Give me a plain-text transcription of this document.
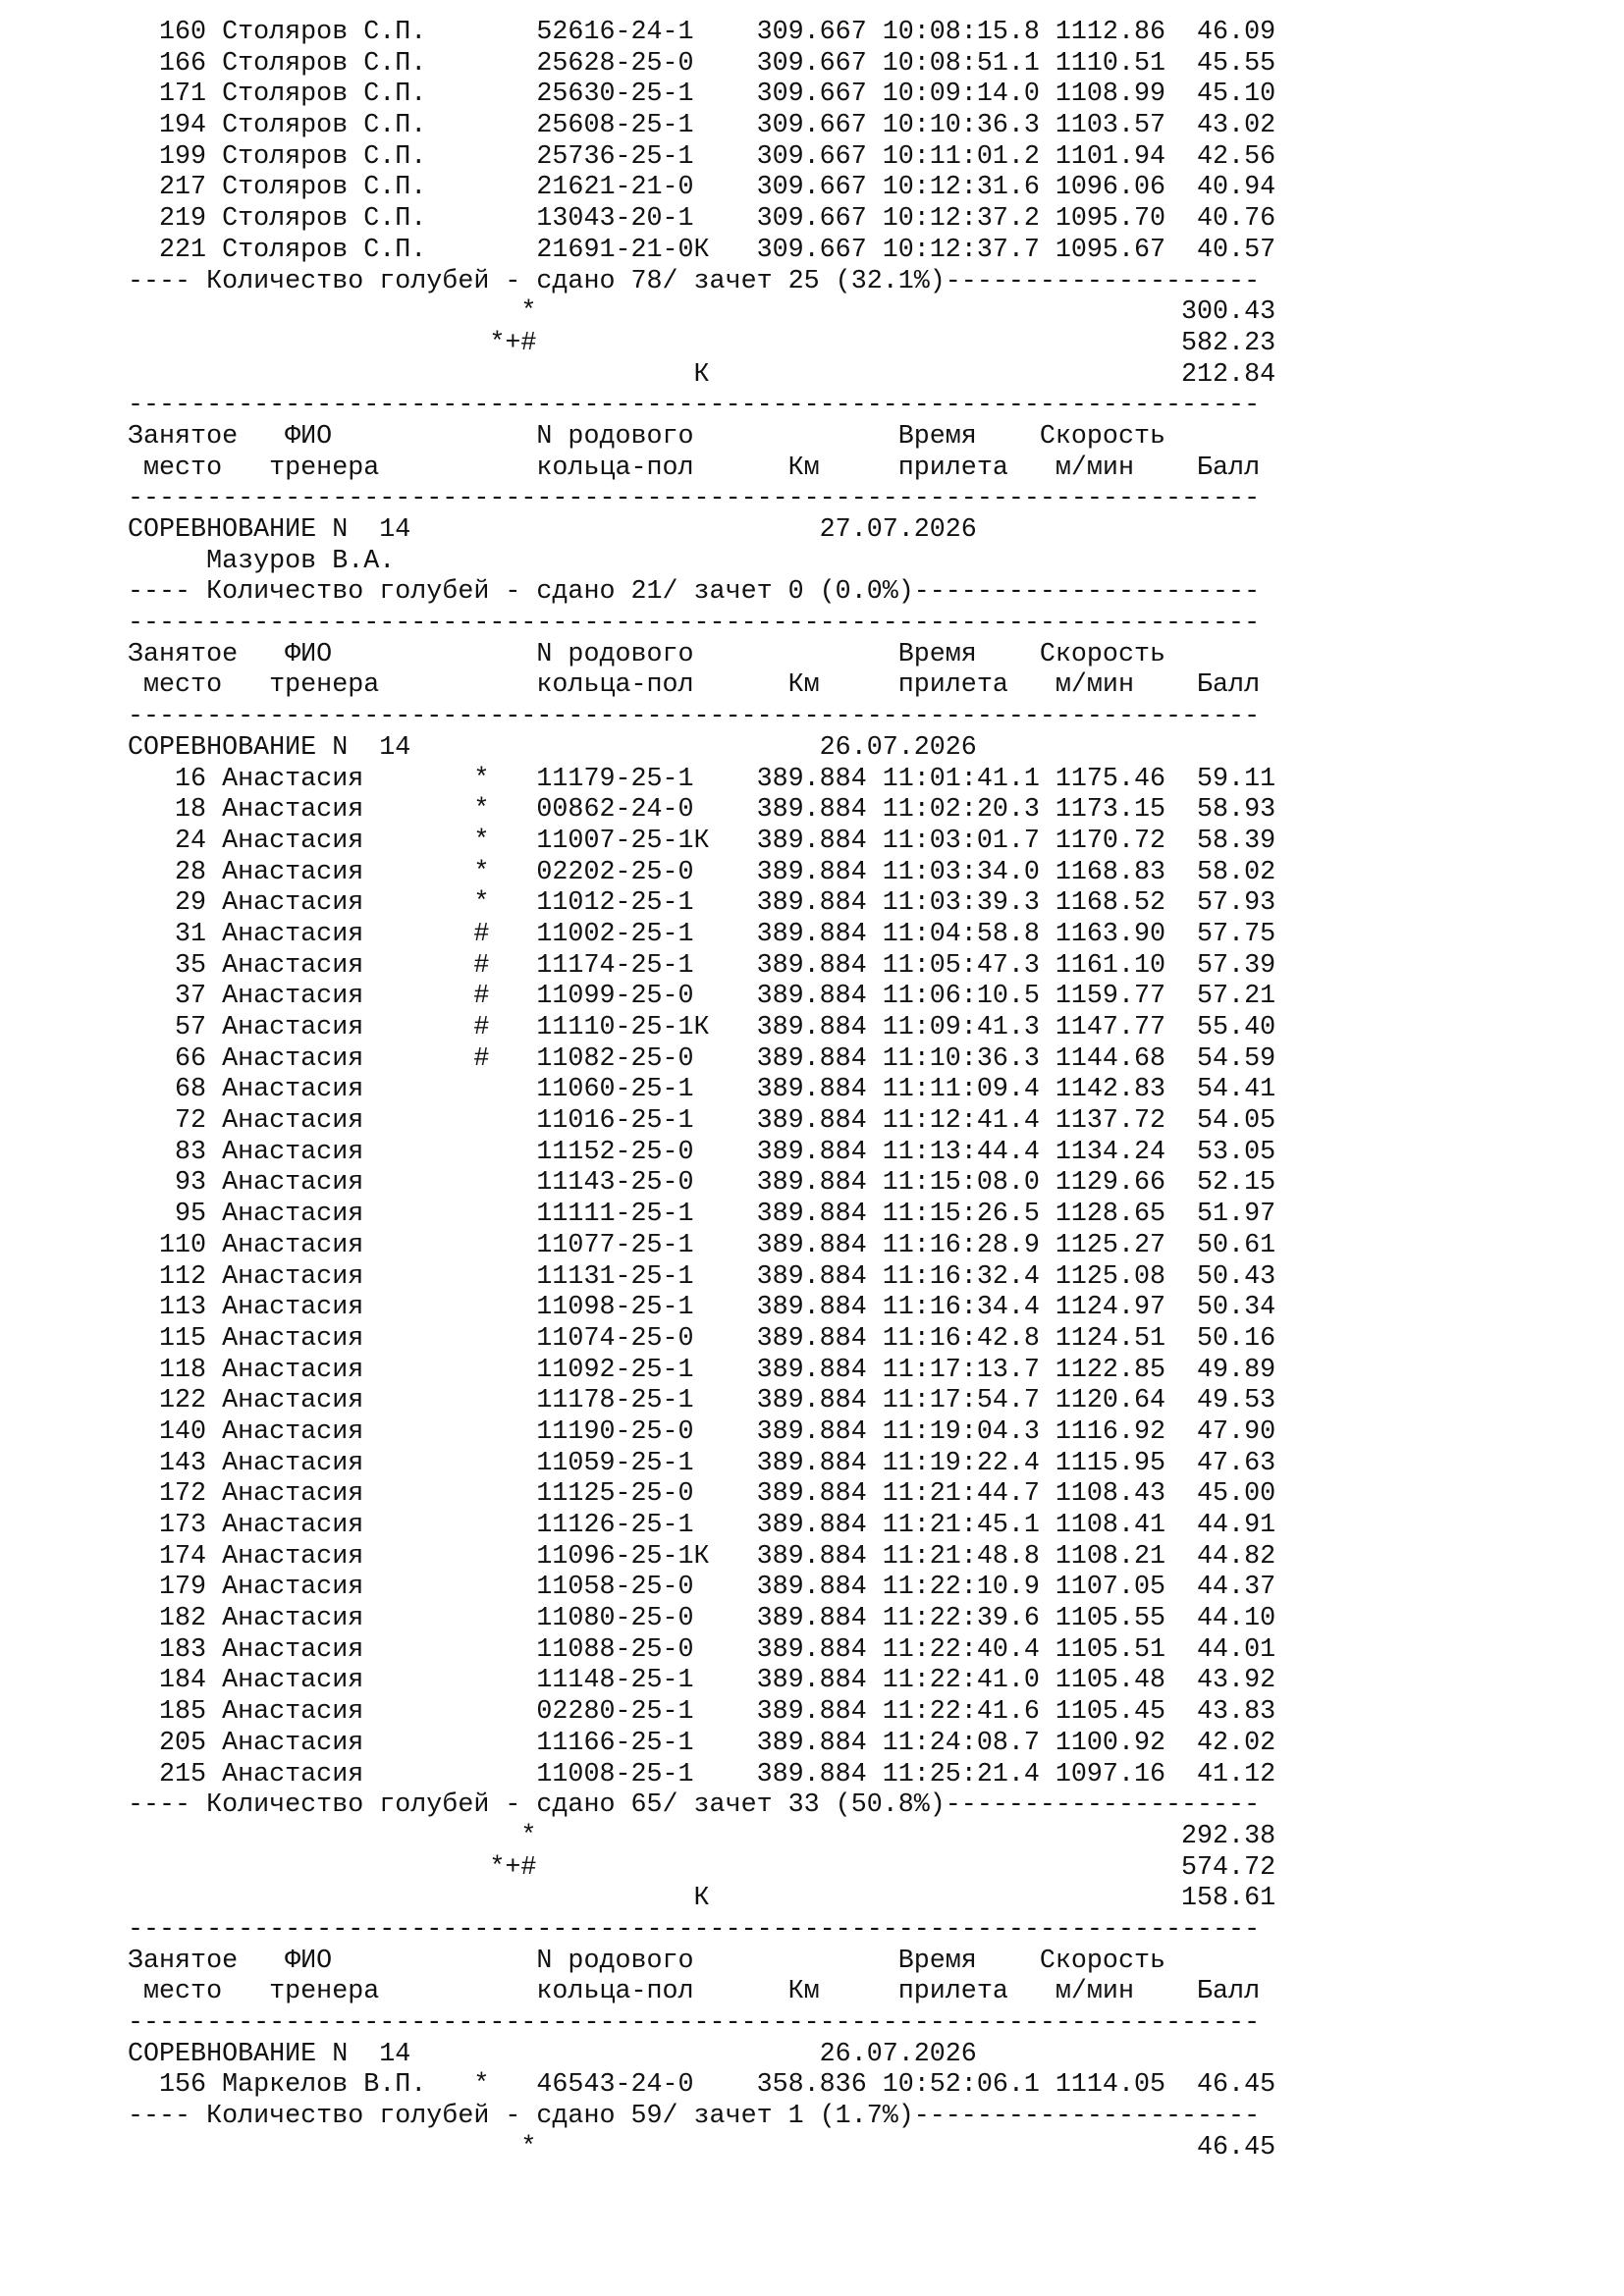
160 Столяров С.П.       52616-24-1    309.667 10:08:15.8 1112.86  46.09
166 Столяров С.П.       25628-25-0    309.667 10:08:51.1 1110.51  45.55
171 Столяров С.П.       25630-25-1    309.667 10:09:14.0 1108.99  45.10
194 Столяров С.П.       25608-25-1    309.667 10:10:36.3 1103.57  43.02
199 Столяров С.П.       25736-25-1    309.667 10:11:01.2 1101.94  42.56
217 Столяров С.П.       21621-21-0    309.667 10:12:31.6 1096.06  40.94
219 Столяров С.П.       13043-20-1    309.667 10:12:37.2 1095.70  40.76
221 Столяров С.П.       21691-21-0К   309.667 10:12:37.7 1095.67  40.57
---- Количество голубей - сдано 78/ зачет 25 (32.1%)--------------------
*                                         300.43
*+#                                         582.23
К                              212.84
------------------------------------------------------------------------
Занятое   ФИО             N родового             Время    Скорость
место   тренера          кольца-пол      Км     прилета   м/мин    Балл
------------------------------------------------------------------------
СОРЕВНОВАНИЕ N  14                          27.07.2026
Мазуров В.А.
---- Количество голубей - сдано 21/ зачет 0 (0.0%)----------------------
------------------------------------------------------------------------
Занятое   ФИО             N родового             Время    Скорость
место   тренера          кольца-пол      Км     прилета   м/мин    Балл
------------------------------------------------------------------------
СОРЕВНОВАНИЕ N  14                          26.07.2026
16 Анастасия       *   11179-25-1    389.884 11:01:41.1 1175.46  59.11
18 Анастасия       *   00862-24-0    389.884 11:02:20.3 1173.15  58.93
24 Анастасия       *   11007-25-1К   389.884 11:03:01.7 1170.72  58.39
28 Анастасия       *   02202-25-0    389.884 11:03:34.0 1168.83  58.02
29 Анастасия       *   11012-25-1    389.884 11:03:39.3 1168.52  57.93
31 Анастасия       #   11002-25-1    389.884 11:04:58.8 1163.90  57.75
35 Анастасия       #   11174-25-1    389.884 11:05:47.3 1161.10  57.39
37 Анастасия       #   11099-25-0    389.884 11:06:10.5 1159.77  57.21
57 Анастасия       #   11110-25-1К   389.884 11:09:41.3 1147.77  55.40
66 Анастасия       #   11082-25-0    389.884 11:10:36.3 1144.68  54.59
68 Анастасия           11060-25-1    389.884 11:11:09.4 1142.83  54.41
72 Анастасия           11016-25-1    389.884 11:12:41.4 1137.72  54.05
83 Анастасия           11152-25-0    389.884 11:13:44.4 1134.24  53.05
93 Анастасия           11143-25-0    389.884 11:15:08.0 1129.66  52.15
95 Анастасия           11111-25-1    389.884 11:15:26.5 1128.65  51.97
110 Анастасия           11077-25-1    389.884 11:16:28.9 1125.27  50.61
112 Анастасия           11131-25-1    389.884 11:16:32.4 1125.08  50.43
113 Анастасия           11098-25-1    389.884 11:16:34.4 1124.97  50.34
115 Анастасия           11074-25-0    389.884 11:16:42.8 1124.51  50.16
118 Анастасия           11092-25-1    389.884 11:17:13.7 1122.85  49.89
122 Анастасия           11178-25-1    389.884 11:17:54.7 1120.64  49.53
140 Анастасия           11190-25-0    389.884 11:19:04.3 1116.92  47.90
143 Анастасия           11059-25-1    389.884 11:19:22.4 1115.95  47.63
172 Анастасия           11125-25-0    389.884 11:21:44.7 1108.43  45.00
173 Анастасия           11126-25-1    389.884 11:21:45.1 1108.41  44.91
174 Анастасия           11096-25-1К   389.884 11:21:48.8 1108.21  44.82
179 Анастасия           11058-25-0    389.884 11:22:10.9 1107.05  44.37
182 Анастасия           11080-25-0    389.884 11:22:39.6 1105.55  44.10
183 Анастасия           11088-25-0    389.884 11:22:40.4 1105.51  44.01
184 Анастасия           11148-25-1    389.884 11:22:41.0 1105.48  43.92
185 Анастасия           02280-25-1    389.884 11:22:41.6 1105.45  43.83
205 Анастасия           11166-25-1    389.884 11:24:08.7 1100.92  42.02
215 Анастасия           11008-25-1    389.884 11:25:21.4 1097.16  41.12
---- Количество голубей - сдано 65/ зачет 33 (50.8%)--------------------
*                                         292.38
*+#                                         574.72
К                              158.61
------------------------------------------------------------------------
Занятое   ФИО             N родового             Время    Скорость
место   тренера          кольца-пол      Км     прилета   м/мин    Балл
------------------------------------------------------------------------
СОРЕВНОВАНИЕ N  14                          26.07.2026
156 Маркелов В.П.   *   46543-24-0    358.836 10:52:06.1 1114.05  46.45
---- Количество голубей - сдано 59/ зачет 1 (1.7%)----------------------
*                                          46.45
